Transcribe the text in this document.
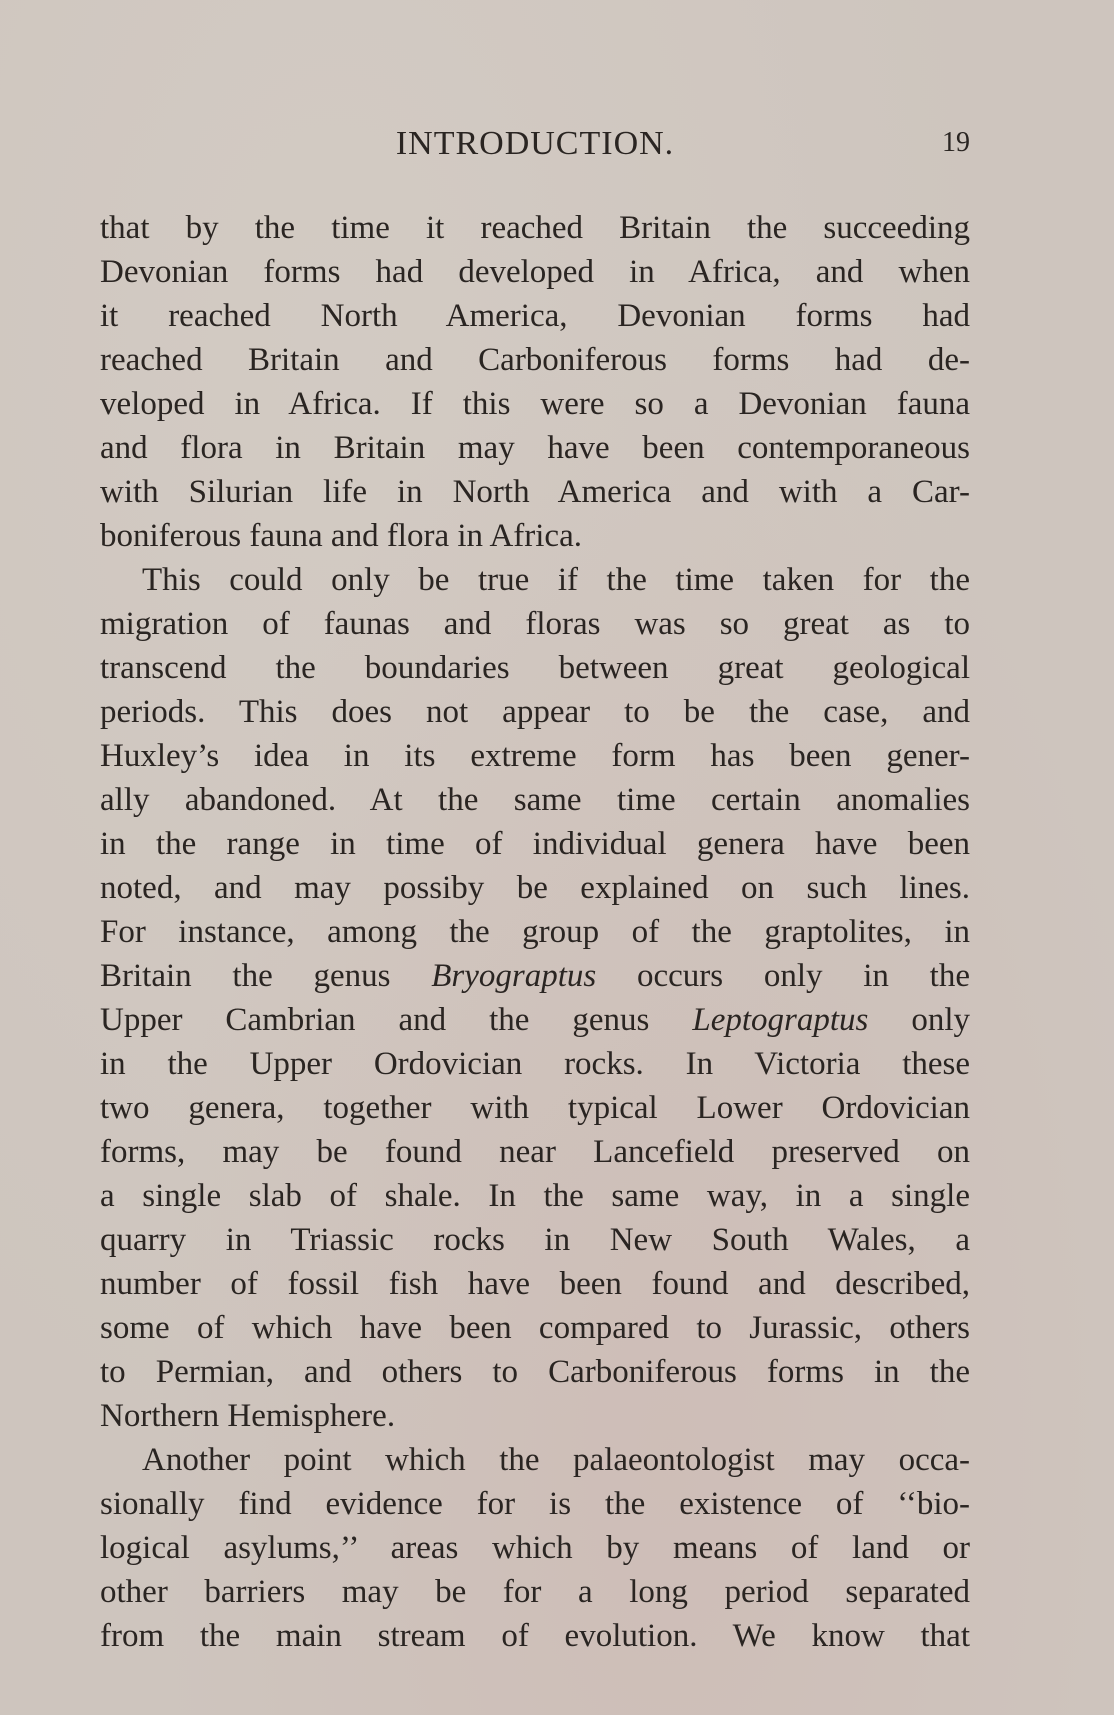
INTRODUCTION.	19
that by the time it reached Britain the succeeding
Devonian forms had developed in Africa, and when
it reached North America, Devonian forms had
reached Britain and Carboniferous forms had de-
veloped in Africa. If this were so a Devonian fauna
and flora in Britain may have been contemporaneous
with Silurian life in North America and with a Car-
boniferous fauna and flora in Africa.
This could only be true if the time taken for the
migration of faunas and floras was so great as to
transcend the boundaries between great geological
periods. This does not appear to be the case, and
Huxley’s idea in its extreme form has been gener-
ally abandoned. At the same time certain anomalies
in the range in time of individual genera have been
noted, and may possiby be explained on such lines.
For instance, among the group of the graptolites, in
Britain the genus Bryograptus occurs only in the
Upper Cambrian and the genus Leptograptus only
in the Upper Ordovician rocks. In Victoria these
two genera, together with typical Lower Ordovician
forms, may be found near Lancefield preserved on
a single slab of shale. In the same way, in a single
quarry in Triassic rocks in New South Wales, a
number of fossil fish have been found and described,
some of which have been compared to Jurassic, others
to Permian, and others to Carboniferous forms in the
Northern Hemisphere.
Another point which the palaeontologist may occa-
sionally find evidence for is the existence of ‘‘bio-
logical asylums,’’ areas which by means of land or
other barriers may be for a long period separated
from the main stream of evolution. We know that
